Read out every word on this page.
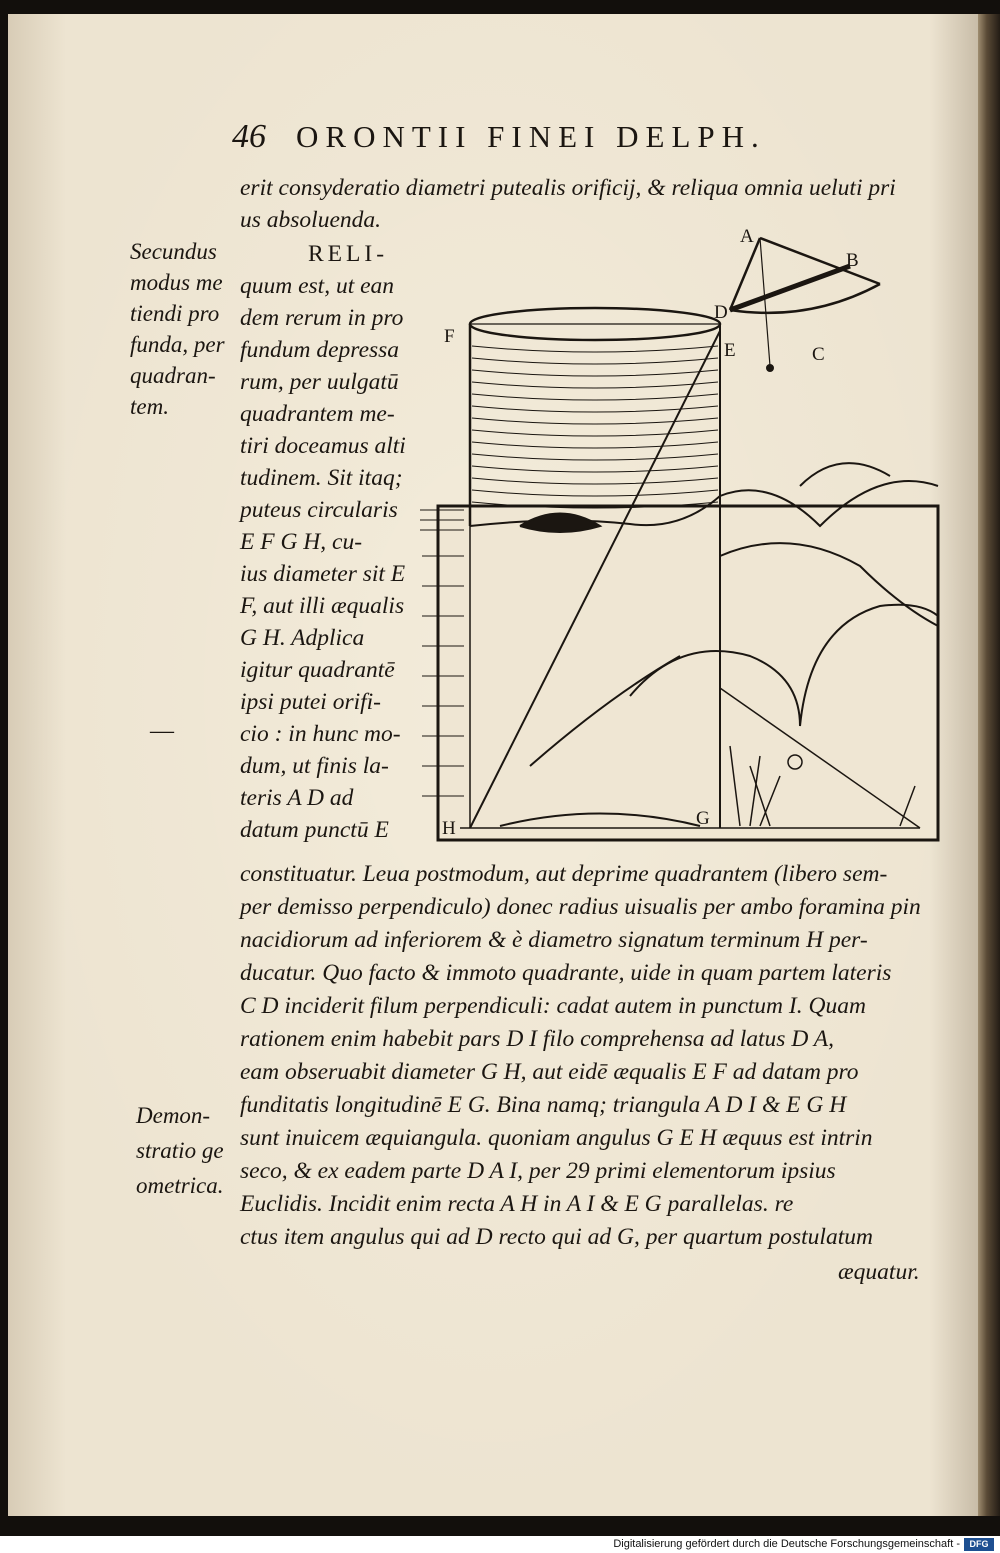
46 ORONTII FINEI DELPH.
erit consyderatio diametri putealis orificij, & reliqua omnia ueluti pri
us absoluenda.
RELI-
quum est, ut ean
dem rerum in pro
fundum depressa
rum, per uulgatū
quadrantem me-
tiri doceamus alti
tudinem. Sit itaq;
puteus circularis
E F G H, cu-
ius diameter sit E
F, aut illi æqualis
G H. Adplica
igitur quadrantē
ipsi putei orifi-
cio : in hunc mo-
dum, ut finis la-
teris A D ad
datum punctū E
constituatur. Leua postmodum, aut deprime quadrantem (libero sem-
per demisso perpendiculo) donec radius uisualis per ambo foramina pin
nacidiorum ad inferiorem & è diametro signatum terminum H per-
ducatur. Quo facto & immoto quadrante, uide in quam partem lateris
C D inciderit filum perpendiculi: cadat autem in punctum I. Quam
rationem enim habebit pars D I filo comprehensa ad latus D A,
eam obseruabit diameter G H, aut eidē æqualis E F ad datam pro
funditatis longitudinē E G. Bina namq; triangula A D I & E G H
sunt inuicem æquiangula. quoniam angulus G E H æquus est intrin
seco, & ex eadem parte D A I, per 29 primi elementorum ipsius
Euclidis. Incidit enim recta A H in A I & E G parallelas. re
ctus item angulus qui ad D recto qui ad G, per quartum postulatum
æquatur.
Secundus
modus me
tiendi pro
funda, per
quadran-
tem.
—
Demon-
stratio ge
ometrica.
A
B
C
D
E
F
G
H
Digitalisierung gefördert durch die Deutsche Forschungsgemeinschaft -	DFG
